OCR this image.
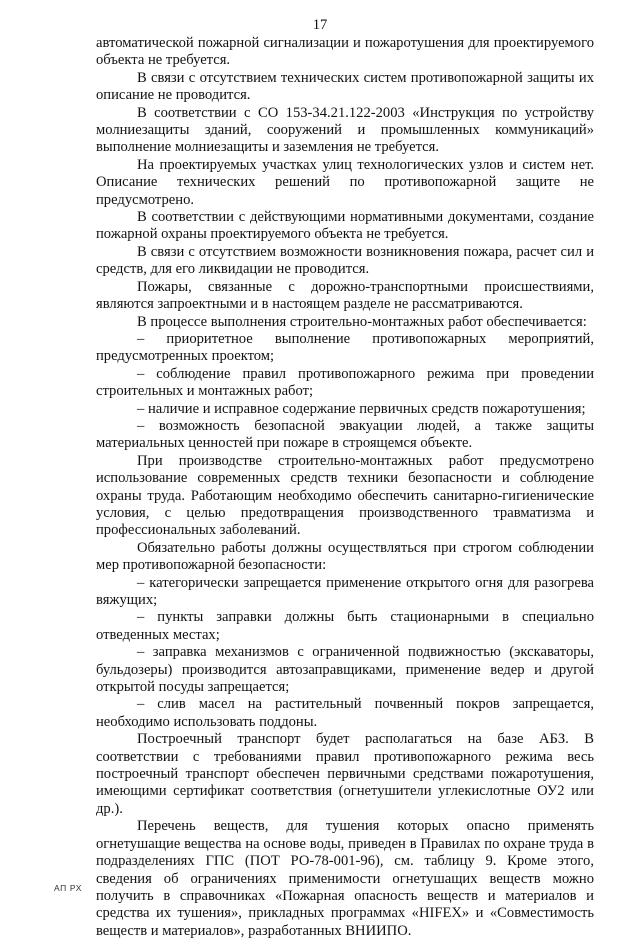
17

автоматической пожарной сигнализации и пожаротушения для проектируемого объекта не требуется.

В связи с отсутствием технических систем противопожарной защиты их описание не проводится.

В соответствии с СО 153-34.21.122-2003 «Инструкция по устройству молниезащиты зданий, сооружений и промышленных коммуникаций» выполнение молниезащиты и заземления не требуется.

На проектируемых участках улиц технологических узлов и систем нет. Описание технических решений по противопожарной защите не предусмотрено.

В соответствии с действующими нормативными документами, создание пожарной охраны проектируемого объекта не требуется.

В связи с отсутствием возможности возникновения пожара, расчет сил и средств, для его ликвидации не проводится.

Пожары, связанные с дорожно-транспортными происшествиями, являются запроектными и в настоящем разделе не рассматриваются.

В процессе выполнения строительно-монтажных работ обеспечивается:

– приоритетное выполнение противопожарных мероприятий, предусмотренных проектом;

– соблюдение правил противопожарного режима при проведении строительных и монтажных работ;

– наличие и исправное содержание первичных средств пожаротушения;

– возможность безопасной эвакуации людей, а также защиты материальных ценностей при пожаре в строящемся объекте.

При производстве строительно-монтажных работ предусмотрено использование современных средств техники безопасности и соблюдение охраны труда. Работающим необходимо обеспечить санитарно-гигиенические условия, с целью предотвращения производственного травматизма и профессиональных заболеваний.

Обязательно работы должны осуществляться при строгом соблюдении мер противопожарной безопасности:

– категорически запрещается применение открытого огня для разогрева вяжущих;

– пункты заправки должны быть стационарными в специально отведенных местах;

– заправка механизмов с ограниченной подвижностью (экскаваторы, бульдозеры) производится автозаправщиками, применение ведер и другой открытой посуды запрещается;

– слив масел на растительный почвенный покров запрещается, необходимо использовать поддоны.

Построечный транспорт будет располагаться на базе АБЗ. В соответствии с требованиями правил противопожарного режима весь построечный транспорт обеспечен первичными средствами пожаротушения, имеющими сертификат соответствия (огнетушители углекислотные ОУ2 или др.).

Перечень веществ, для тушения которых опасно применять огнетушащие вещества на основе воды, приведен в Правилах по охране труда в подразделениях ГПС (ПОТ РО-78-001-96), см. таблицу 9. Кроме этого, сведения об ограничениях применимости огнетушащих веществ можно получить в справочниках «Пожарная опасность веществ и материалов и средства их тушения», прикладных программах «HIFEX» и «Совместимость веществ и материалов», разработанных ВНИИПО.

АП РХ
